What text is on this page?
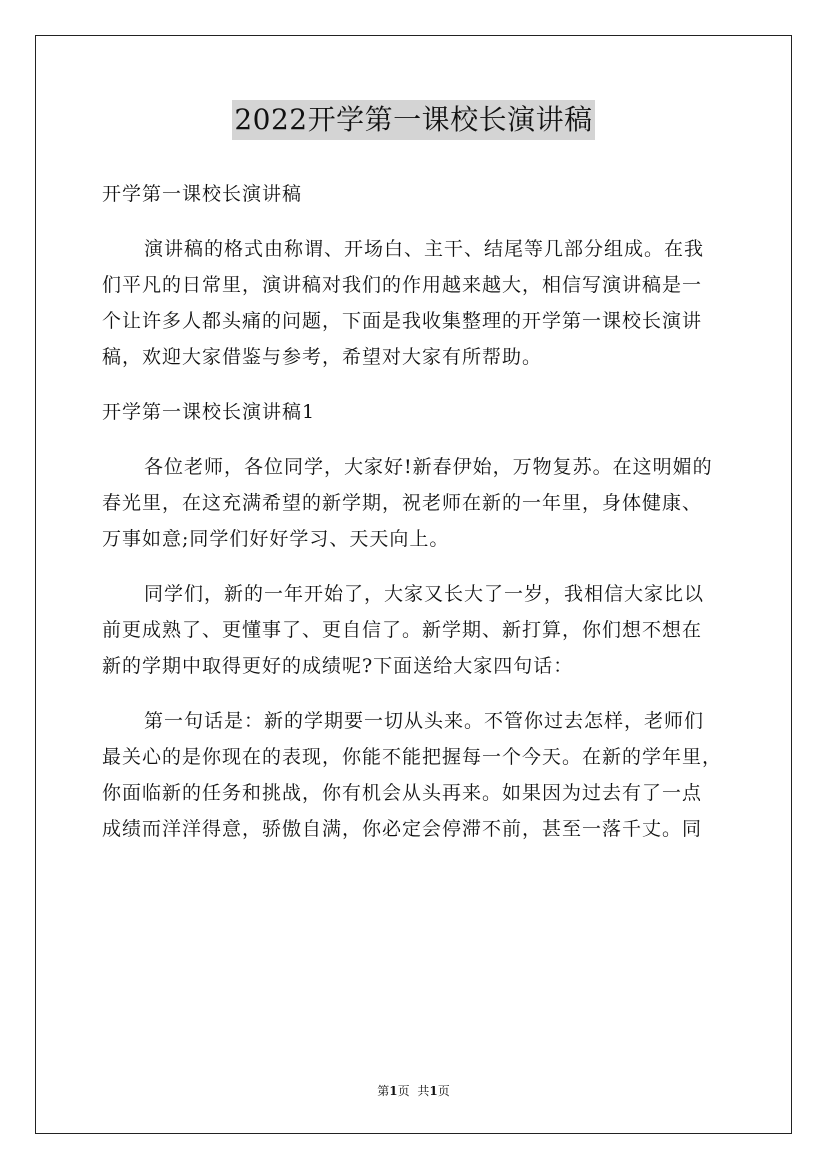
2022开学第一课校长演讲稿

开学第一课校长演讲稿

演讲稿的格式由称谓、开场白、主干、结尾等几部分组成。在我
们平凡的日常里，演讲稿对我们的作用越来越大，相信写演讲稿是一
个让许多人都头痛的问题，下面是我收集整理的开学第一课校长演讲
稿，欢迎大家借鉴与参考，希望对大家有所帮助。

开学第一课校长演讲稿1

各位老师，各位同学，大家好!新春伊始，万物复苏。在这明媚的
春光里，在这充满希望的新学期，祝老师在新的一年里，身体健康、
万事如意;同学们好好学习、天天向上。
同学们，新的一年开始了，大家又长大了一岁，我相信大家比以
前更成熟了、更懂事了、更自信了。新学期、新打算，你们想不想在
新的学期中取得更好的成绩呢?下面送给大家四句话：
第一句话是：新的学期要一切从头来。不管你过去怎样，老师们
最关心的是你现在的表现，你能不能把握每一个今天。在新的学年里，
你面临新的任务和挑战，你有机会从头再来。如果因为过去有了一点
成绩而洋洋得意，骄傲自满，你必定会停滞不前，甚至一落千丈。同
第1页 共1页
